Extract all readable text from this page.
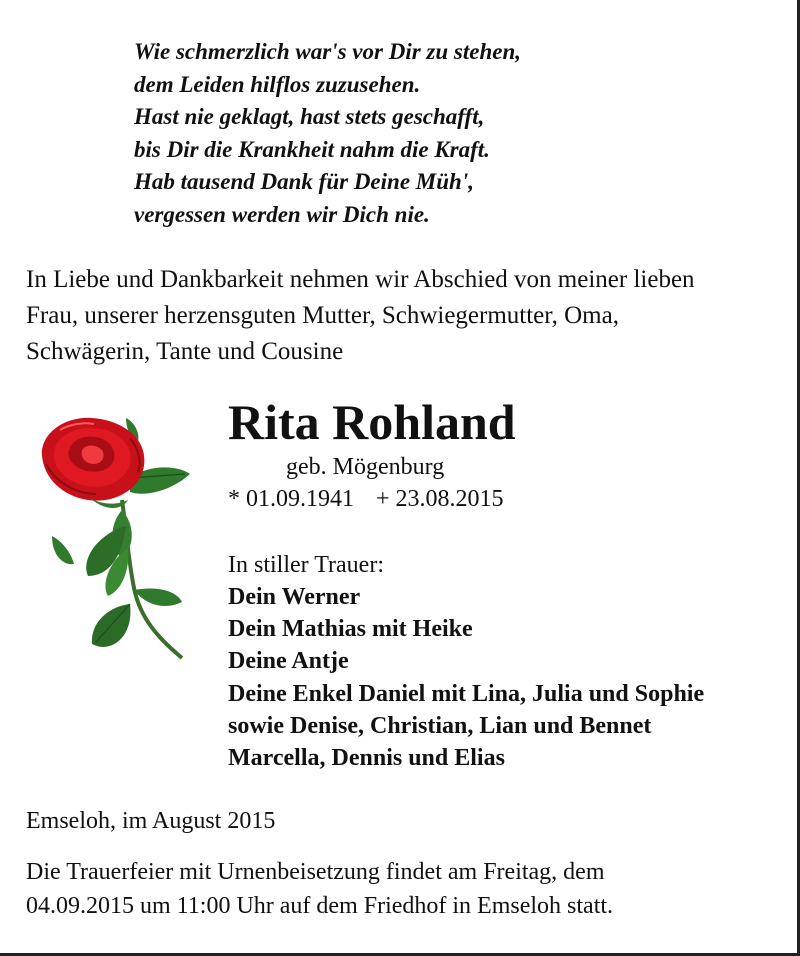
Wie schmerzlich war's vor Dir zu stehen,
dem Leiden hilflos zuzusehen.
Hast nie geklagt, hast stets geschafft,
bis Dir die Krankheit nahm die Kraft.
Hab tausend Dank für Deine Müh',
vergessen werden wir Dich nie.
In Liebe und Dankbarkeit nehmen wir Abschied von meiner lieben
Frau, unserer herzensguten Mutter, Schwiegermutter, Oma,
Schwägerin, Tante und Cousine
Rita Rohland
geb. Mögenburg
* 01.09.1941 + 23.08.2015
In stiller Trauer:
Dein Werner
Dein Mathias mit Heike
Deine Antje
Deine Enkel Daniel mit Lina, Julia und Sophie
sowie Denise, Christian, Lian und Bennet
Marcella, Dennis und Elias
Emseloh, im August 2015
Die Trauerfeier mit Urnenbeisetzung findet am Freitag, dem
04.09.2015 um 11:00 Uhr auf dem Friedhof in Emseloh statt.
